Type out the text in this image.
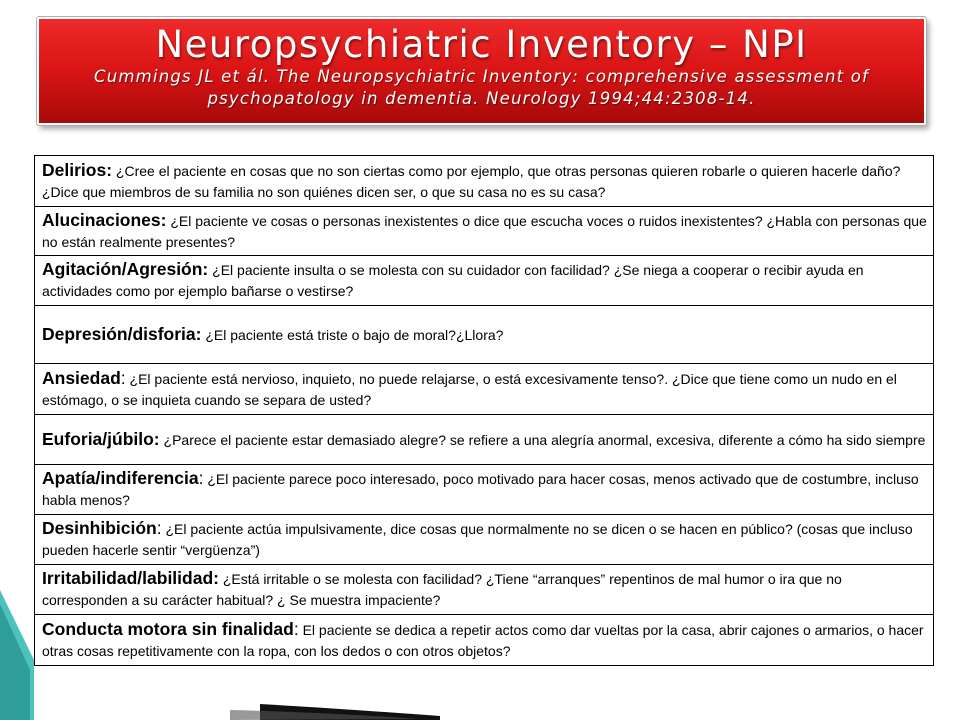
Neuropsychiatric Inventory – NPI
Cummings JL et ál. The Neuropsychiatric Inventory: comprehensive assessment of
psychopatology in dementia. Neurology 1994;44:2308-14.
Delirios: ¿Cree el paciente en cosas que no son ciertas como por ejemplo, que otras personas quieren robarle o quieren hacerle daño? ¿Dice que miembros de su familia no son quiénes dicen ser, o que su casa no es su casa?
Alucinaciones: ¿El paciente ve cosas o personas inexistentes o dice que escucha voces o ruidos inexistentes? ¿Habla con personas que no están realmente presentes?
Agitación/Agresión: ¿El paciente insulta o se molesta con su cuidador con facilidad? ¿Se niega a cooperar o recibir ayuda en actividades como por ejemplo bañarse o vestirse?
Depresión/disforia: ¿El paciente está triste o bajo de moral?¿Llora?
Ansiedad: ¿El paciente está nervioso, inquieto, no puede relajarse, o está excesivamente tenso?. ¿Dice que tiene como un nudo en el estómago, o se inquieta cuando se separa de usted?
Euforia/júbilo: ¿Parece el paciente estar demasiado alegre? se refiere a una alegría anormal, excesiva, diferente a cómo ha sido siempre
Apatía/indiferencia: ¿El paciente parece poco interesado, poco motivado para hacer cosas, menos activado que de costumbre, incluso habla menos?
Desinhibición: ¿El paciente actúa impulsivamente, dice cosas que normalmente no se dicen o se hacen en público? (cosas que incluso pueden hacerle sentir “vergüenza”)
Irritabilidad/labilidad: ¿Está irritable o se molesta con facilidad? ¿Tiene “arranques” repentinos de mal humor o ira que no corresponden a su carácter habitual? ¿ Se muestra impaciente?
Conducta motora sin finalidad: El paciente se dedica a repetir actos como dar vueltas por la casa, abrir cajones o armarios, o hacer otras cosas repetitivamente con la ropa, con los dedos o con otros objetos?
